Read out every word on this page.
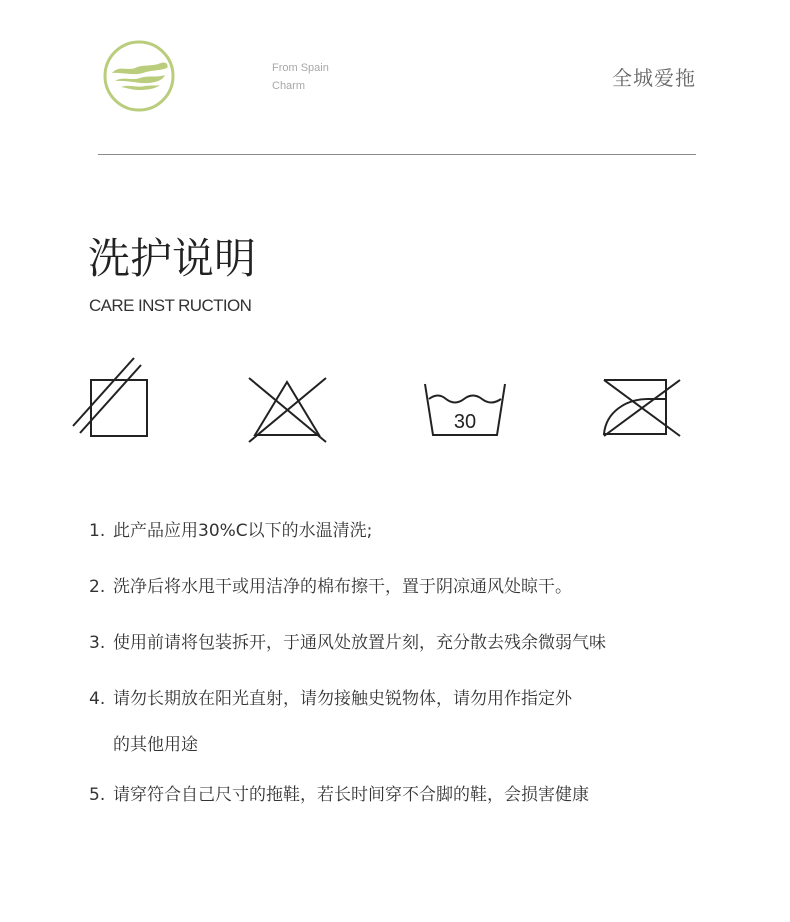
From Spain
Charm	全城爱拖
洗护说明
CARE INST RUCTION
30
1. 此产品应用30%C以下的水温清洗;
2. 洗净后将水甩干或用洁净的棉布擦干，置于阴凉通风处晾干。
3. 使用前请将包装拆开，于通风处放置片刻，充分散去残余微弱气味
4. 请勿长期放在阳光直射，请勿接触史锐物体，请勿用作指定外
的其他用途
5. 请穿符合自己尺寸的拖鞋，若长时间穿不合脚的鞋，会损害健康
